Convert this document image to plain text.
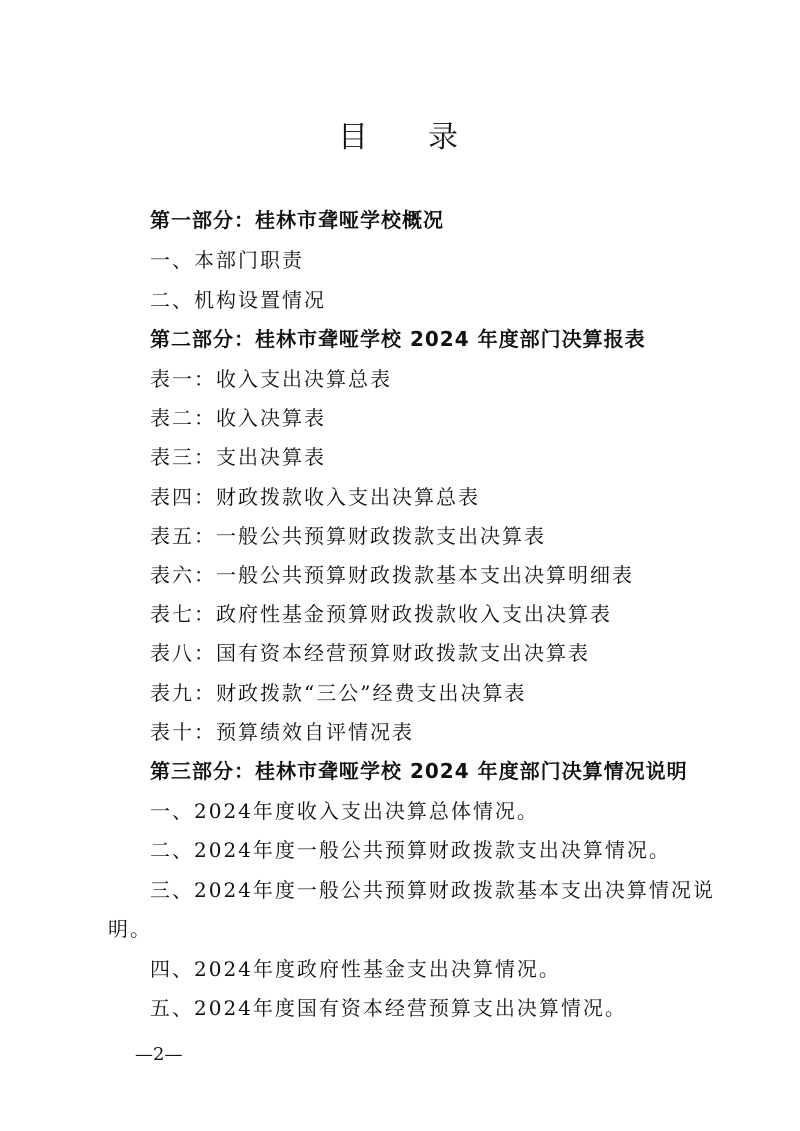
目 录
第一部分：桂林市聋哑学校概况
一、本部门职责
二、机构设置情况
第二部分：桂林市聋哑学校 2024 年度部门决算报表
表一：收入支出决算总表
表二：收入决算表
表三：支出决算表
表四：财政拨款收入支出决算总表
表五：一般公共预算财政拨款支出决算表
表六：一般公共预算财政拨款基本支出决算明细表
表七：政府性基金预算财政拨款收入支出决算表
表八：国有资本经营预算财政拨款支出决算表
表九：财政拨款“三公”经费支出决算表
表十：预算绩效自评情况表
第三部分：桂林市聋哑学校 2024 年度部门决算情况说明
一、2024年度收入支出决算总体情况。
二、2024年度一般公共预算财政拨款支出决算情况。
三、2024年度一般公共预算财政拨款基本支出决算情况说
明。
四、2024年度政府性基金支出决算情况。
五、2024年度国有资本经营预算支出决算情况。
—2—
